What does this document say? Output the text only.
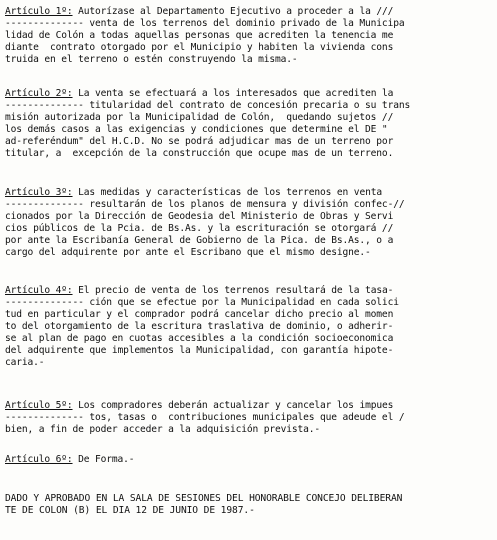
Artículo 1º: Autorízase al Departamento Ejecutivo a proceder a la ///
-------------- venta de los terrenos del dominio privado de la Municipa
lidad de Colón a todas aquellas personas que acrediten la tenencia me
diante  contrato otorgado por el Municipio y habiten la vivienda cons
truida en el terreno o estén construyendo la misma.-
Artículo 2º: La venta se efectuará a los interesados que acrediten la
-------------- titularidad del contrato de concesión precaria o su trans
misión autorizada por la Municipalidad de Colón,  quedando sujetos //
los demás casos a las exigencias y condiciones que determine el DE "
ad-referéndum" del H.C.D. No se podrá adjudicar mas de un terreno por
titular, a  excepción de la construcción que ocupe mas de un terreno.
Artículo 3º: Las medidas y características de los terrenos en venta
-------------- resultarán de los planos de mensura y división confec-//
cionados por la Dirección de Geodesia del Ministerio de Obras y Servi
cios públicos de la Pcia. de Bs.As. y la escrituración se otorgará //
por ante la Escribanía General de Gobierno de la Pica. de Bs.As., o a
cargo del adquirente por ante el Escribano que el mismo designe.-
Artículo 4º: El precio de venta de los terrenos resultará de la tasa-
-------------- ción que se efectue por la Municipalidad en cada solici
tud en particular y el comprador podrá cancelar dicho precio al momen
to del otorgamiento de la escritura traslativa de dominio, o adherir-
se al plan de pago en cuotas accesibles a la condición socioeconomica
del adquirente que implementos la Municipalidad, con garantía hipote-
caria.-
Artículo 5º: Los compradores deberán actualizar y cancelar los impues
-------------- tos, tasas o  contribuciones municipales que adeude el /
bien, a fin de poder acceder a la adquisición prevista.-
Artículo 6º: De Forma.-
DADO Y APROBADO EN LA SALA DE SESIONES DEL HONORABLE CONCEJO DELIBERAN
TE DE COLON (B) EL DIA 12 DE JUNIO DE 1987.-
